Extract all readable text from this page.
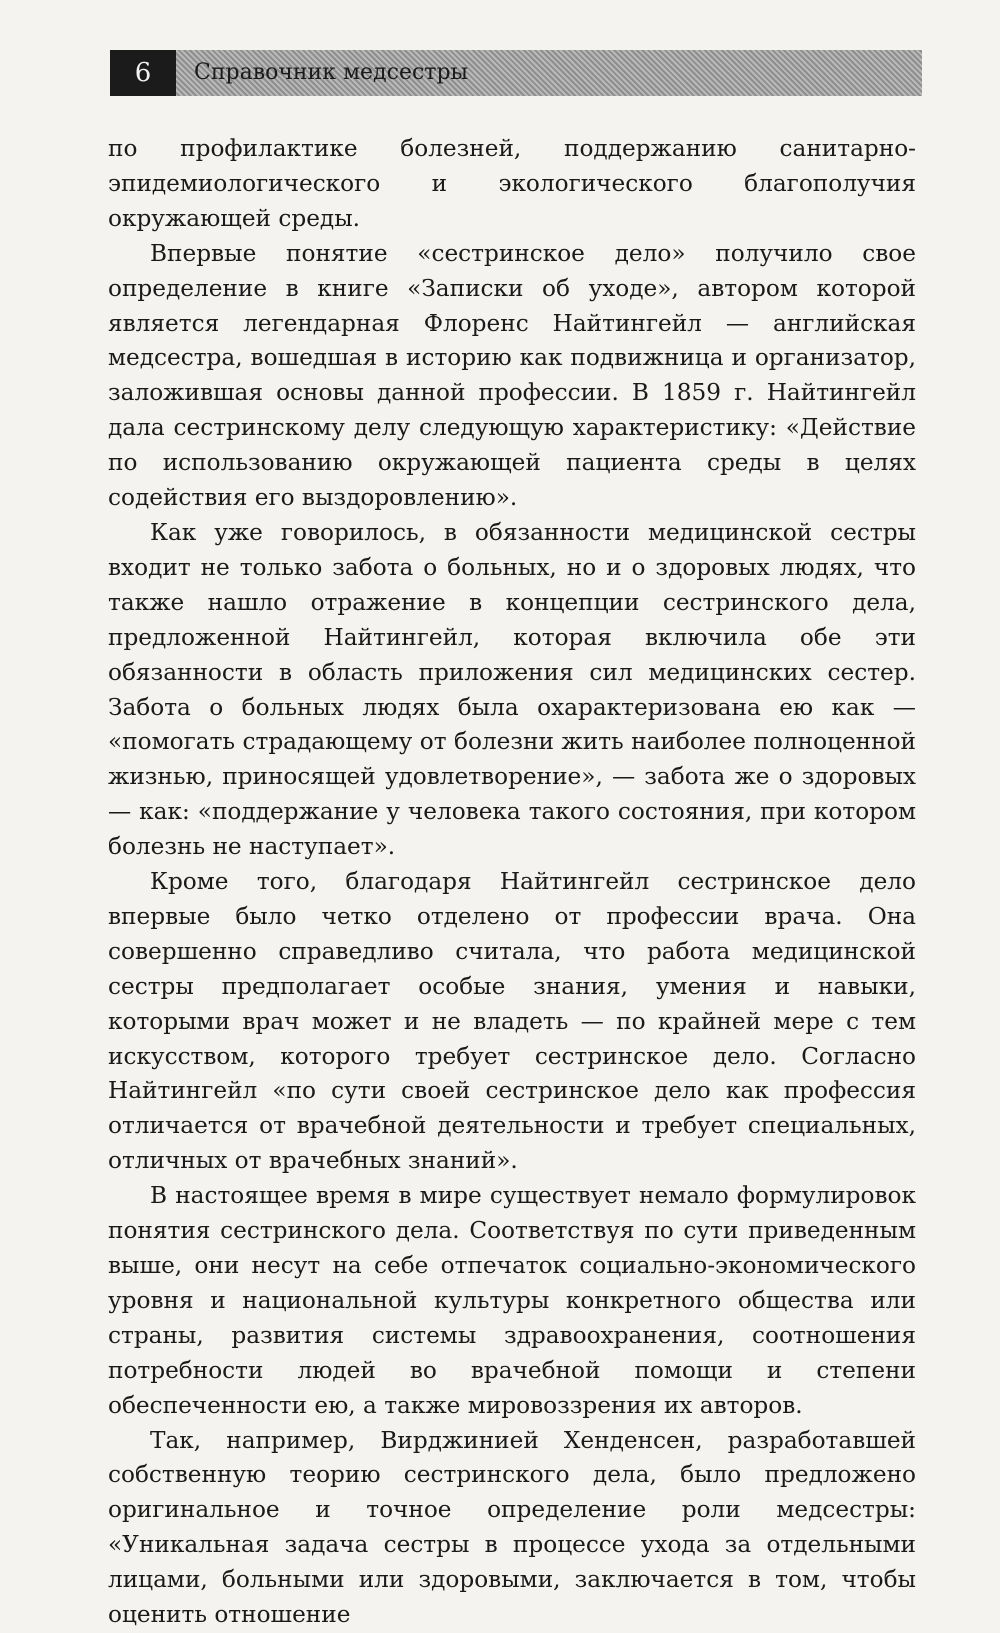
6	Справочник медсестры

по профилактике болезней, поддержанию санитарно-эпидемиологического и экологического благополучия окружающей среды.

Впервые понятие «сестринское дело» получило свое определение в книге «Записки об уходе», автором которой является легендарная Флоренс Найтингейл — английская медсестра, вошедшая в историю как подвижница и организатор, заложившая основы данной профессии. В 1859 г. Найтингейл дала сестринскому делу следующую характеристику: «Действие по использованию окружающей пациента среды в целях содействия его выздоровлению».

Как уже говорилось, в обязанности медицинской сестры входит не только забота о больных, но и о здоровых людях, что также нашло отражение в концепции сестринского дела, предложенной Найтингейл, которая включила обе эти обязанности в область приложения сил медицинских сестер. Забота о больных людях была охарактеризована ею как — «помогать страдающему от болезни жить наиболее полноценной жизнью, приносящей удовлетворение», — забота же о здоровых — как: «поддержание у человека такого состояния, при котором болезнь не наступает».

Кроме того, благодаря Найтингейл сестринское дело впервые было четко отделено от профессии врача. Она совершенно справедливо считала, что работа медицинской сестры предполагает особые знания, умения и навыки, которыми врач может и не владеть — по крайней мере с тем искусством, которого требует сестринское дело. Согласно Найтингейл «по сути своей сестринское дело как профессия отличается от врачебной деятельности и требует специальных, отличных от врачебных знаний».

В настоящее время в мире существует немало формулировок понятия сестринского дела. Соответствуя по сути приведенным выше, они несут на себе отпечаток социально-экономического уровня и национальной культуры конкретного общества или страны, развития системы здравоохранения, соотношения потребности людей во врачебной помощи и степени обеспеченности ею, а также мировоззрения их авторов.

Так, например, Вирджинией Хенденсен, разработавшей собственную теорию сестринского дела, было предложено оригинальное и точное определение роли медсестры: «Уникальная задача сестры в процессе ухода за отдельными лицами, больными или здоровыми, заключается в том, чтобы оценить отношение
